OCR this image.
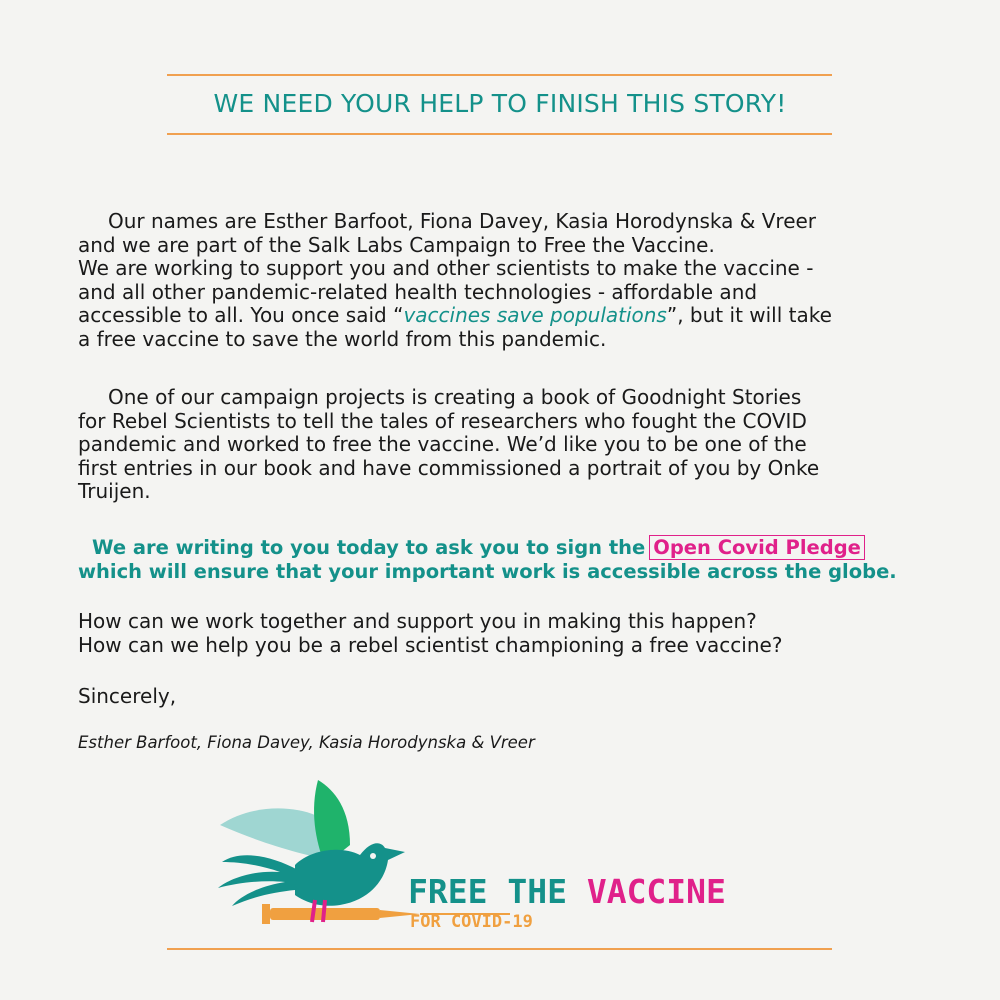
WE NEED YOUR HELP TO FINISH THIS STORY!
Our names are Esther Barfoot, Fiona Davey, Kasia Horodynska & Vreer
and we are part of the Salk Labs Campaign to Free the Vaccine.
We are working to support you and other scientists to make the vaccine -
and all other pandemic-related health technologies - affordable and
accessible to all. You once said “vaccines save populations”, but it will take
a free vaccine to save the world from this pandemic.
One of our campaign projects is creating a book of Goodnight Stories
for Rebel Scientists to tell the tales of researchers who fought the COVID
pandemic and worked to free the vaccine. We’d like you to be one of the
first entries in our book and have commissioned a portrait of you by Onke
Truijen.
We are writing to you today to ask you to sign the Open Covid Pledge
which will ensure that your important work is accessible across the globe.
How can we work together and support you in making this happen?
How can we help you be a rebel scientist championing a free vaccine?
Sincerely,
Esther Barfoot, Fiona Davey, Kasia Horodynska & Vreer
FREE THE VACCINE
FOR COVID-19
